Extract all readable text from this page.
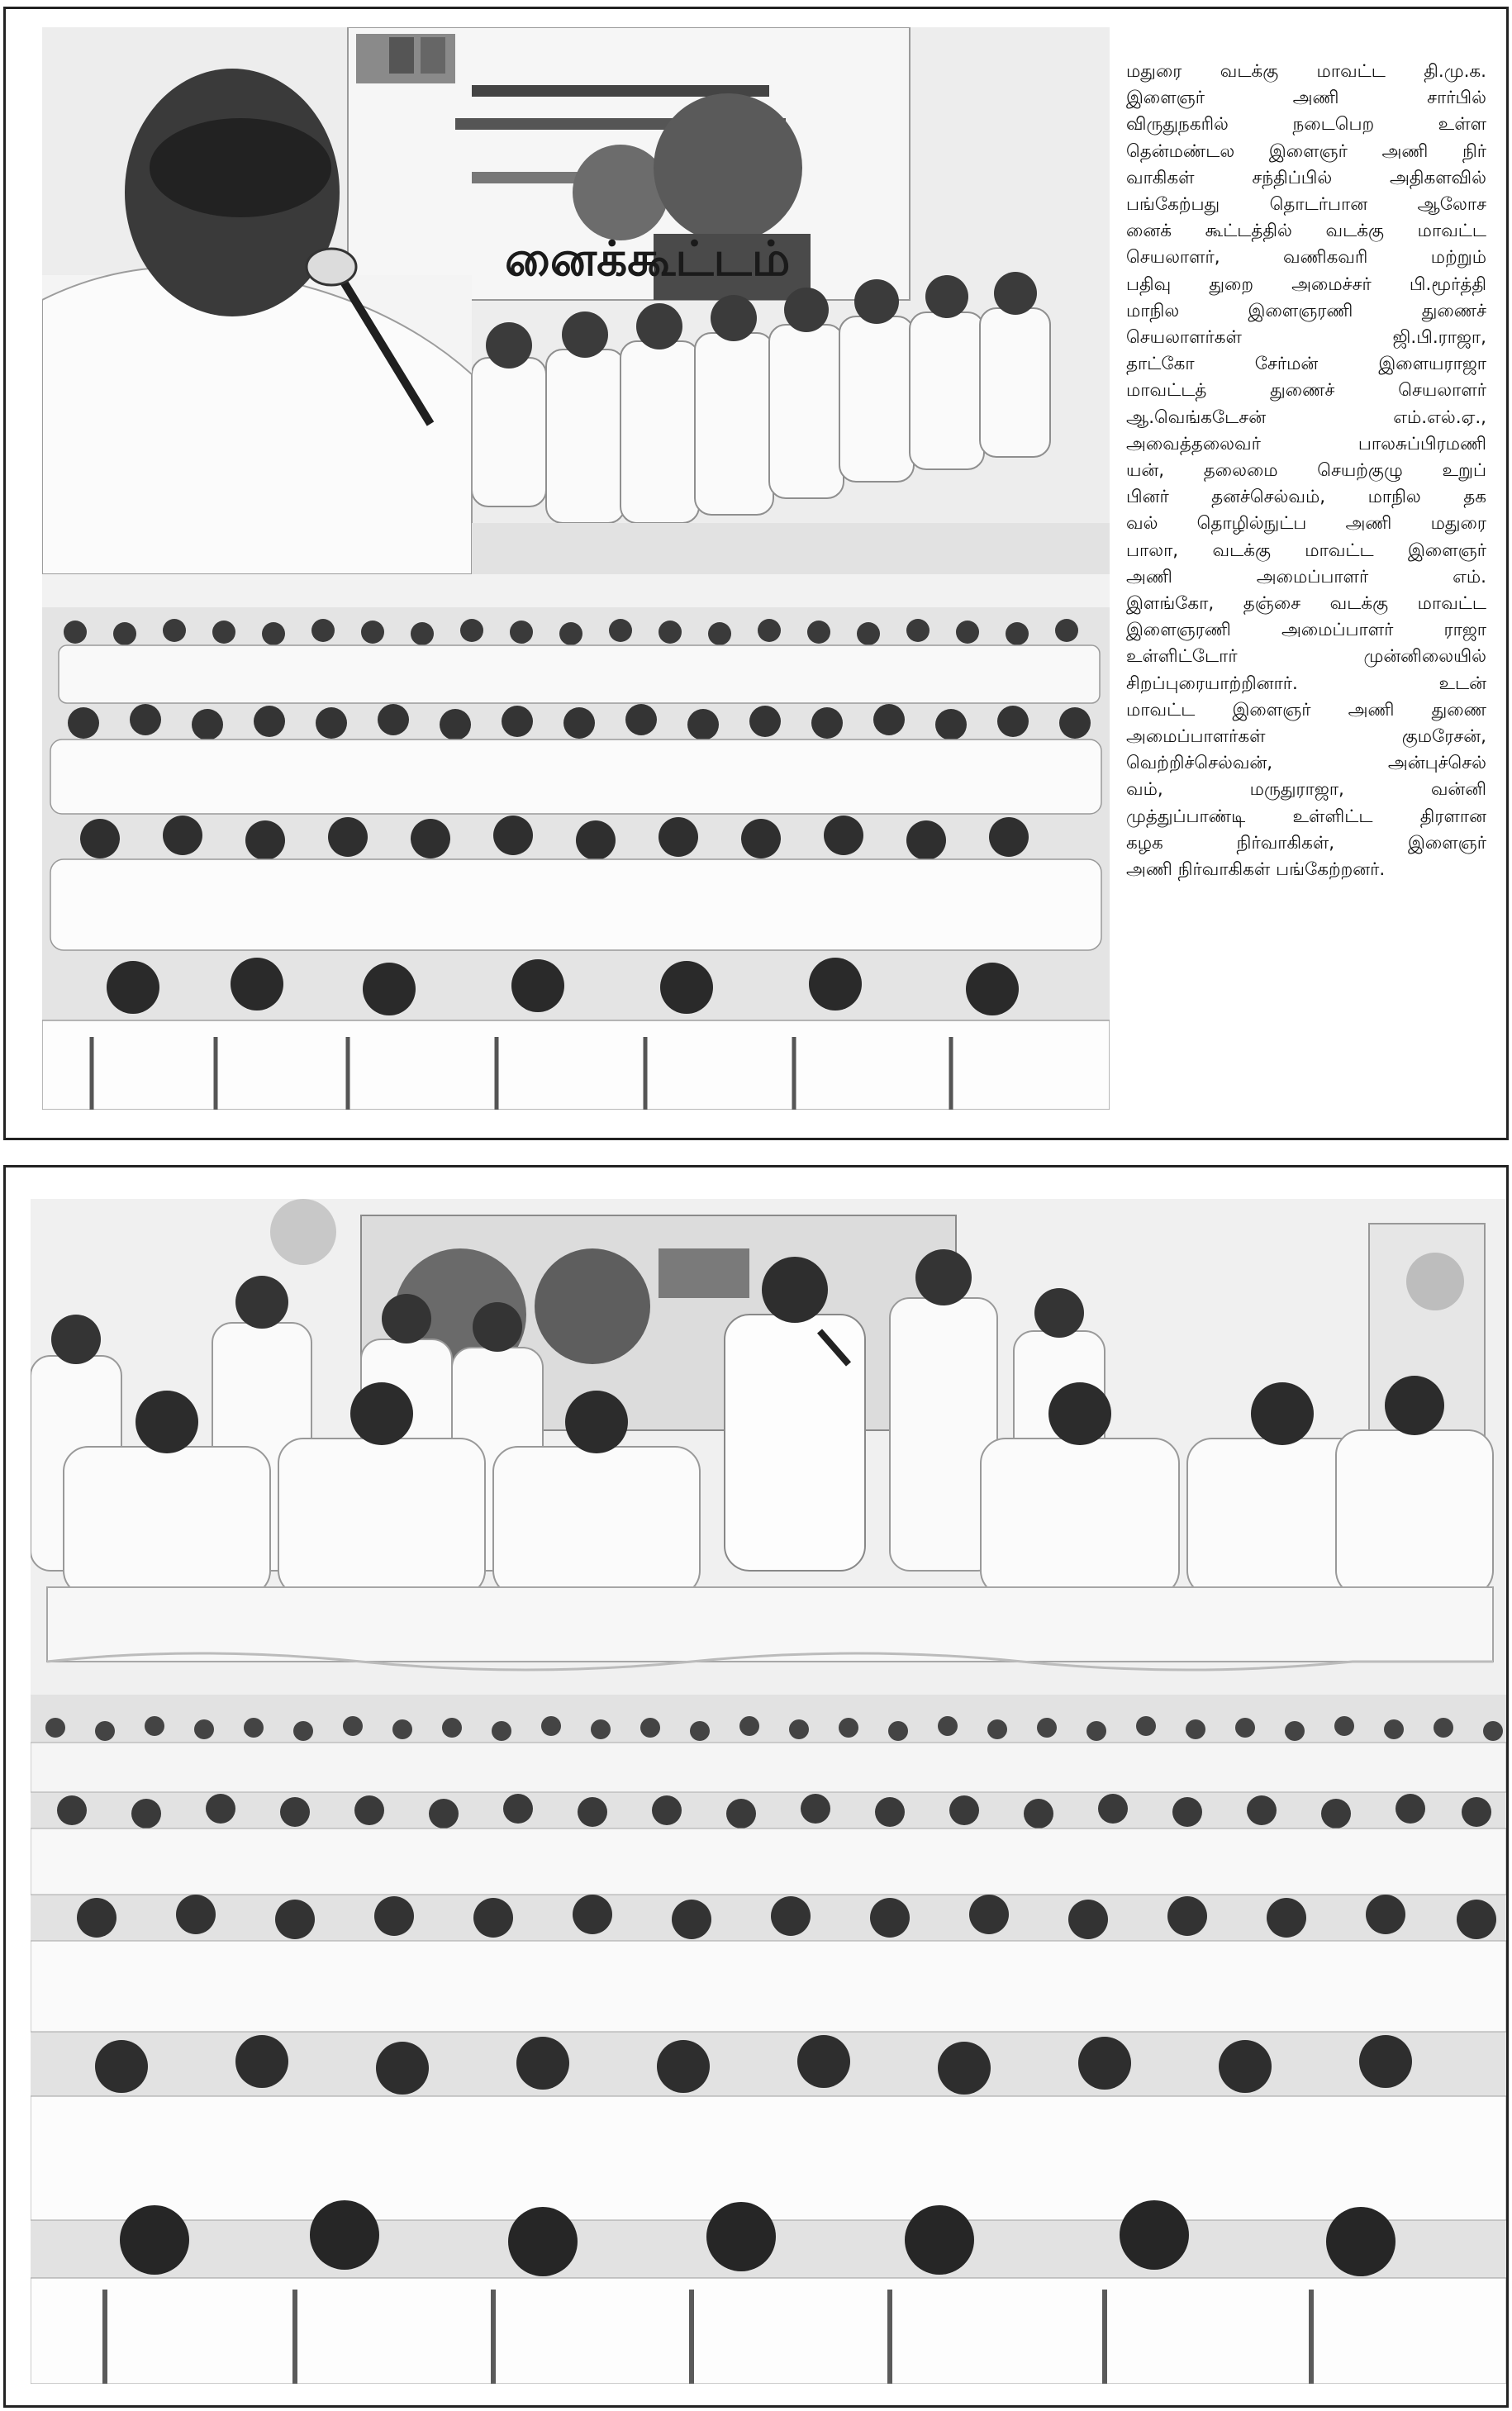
னைக்கூட்டம்
மதுரை வடக்கு மாவட்ட தி.மு.க.
இளைஞர் அணி சார்பில்
விருதுநகரில் நடைபெற உள்ள
தென்மண்டல இளைஞர் அணி நிர்
வாகிகள் சந்திப்பில் அதிகளவில்
பங்கேற்பது தொடர்பான ஆலோச
னைக் கூட்டத்தில் வடக்கு மாவட்ட
செயலாளர், வணிகவரி மற்றும்
பதிவு துறை அமைச்சர் பி.மூர்த்தி
மாநில இளைஞரணி துணைச்
செயலாளர்கள் ஜி.பி.ராஜா,
தாட்கோ சேர்மன் இளையராஜா
மாவட்டத் துணைச் செயலாளர்
ஆ.வெங்கடேசன் எம்.எல்.ஏ.,
அவைத்தலைவர் பாலசுப்பிரமணி
யன், தலைமை செயற்குழு உறுப்
பினர் தனச்செல்வம், மாநில தக
வல் தொழில்நுட்ப அணி மதுரை
பாலா, வடக்கு மாவட்ட இளைஞர்
அணி அமைப்பாளர் எம்.
இளங்கோ, தஞ்சை வடக்கு மாவட்ட
இளைஞரணி அமைப்பாளர் ராஜா
உள்ளிட்டோர் முன்னிலையில்
சிறப்புரையாற்றினார். உடன்
மாவட்ட இளைஞர் அணி துணை
அமைப்பாளர்கள் குமரேசன்,
வெற்றிச்செல்வன், அன்புச்செல்
வம், மருதுராஜா, வன்னி
முத்துப்பாண்டி உள்ளிட்ட திரளான
கழக நிர்வாகிகள், இளைஞர்
அணி நிர்வாகிகள் பங்கேற்றனர்.
